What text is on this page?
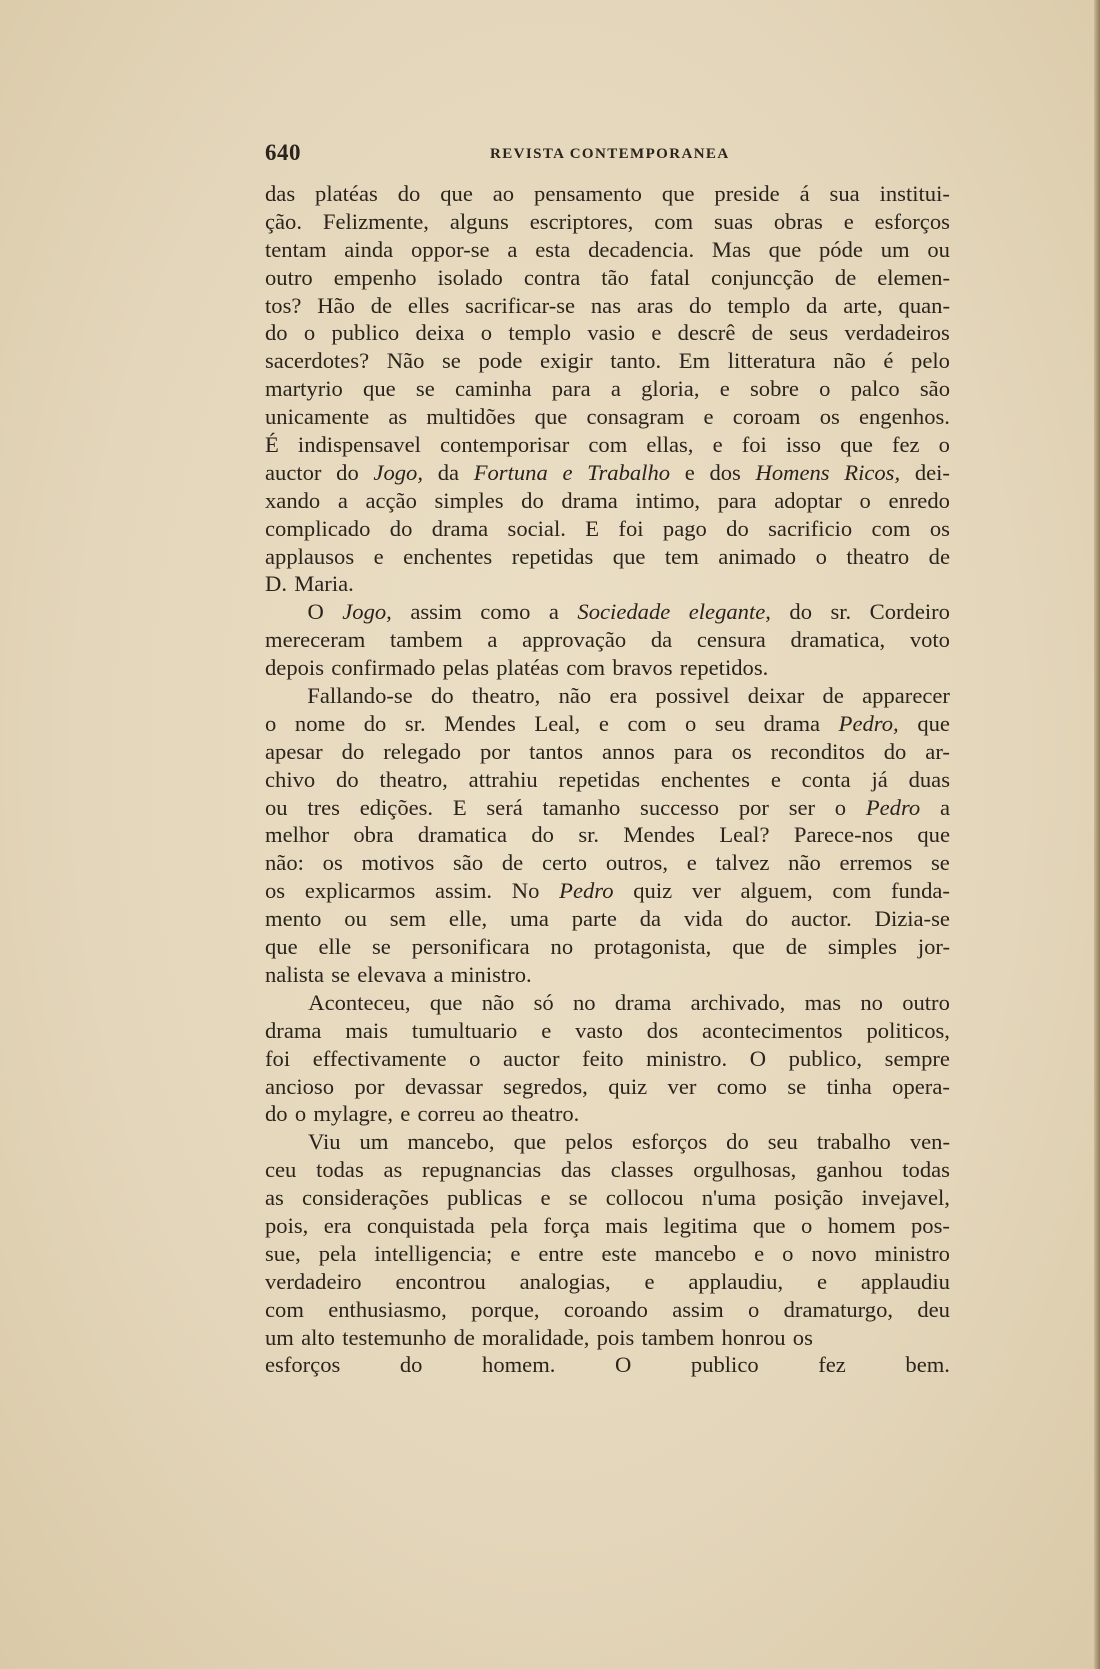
640	REVISTA CONTEMPORANEA
das platéas do que ao pensamento que preside á sua institui-
ção. Felizmente, alguns escriptores, com suas obras e esforços
tentam ainda oppor-se a esta decadencia. Mas que póde um ou
outro empenho isolado contra tão fatal conjuncção de elemen-
tos? Hão de elles sacrificar-se nas aras do templo da arte, quan-
do o publico deixa o templo vasio e descrê de seus verdadeiros
sacerdotes? Não se pode exigir tanto. Em litteratura não é pelo
martyrio que se caminha para a gloria, e sobre o palco são
unicamente as multidões que consagram e coroam os engenhos.
É indispensavel contemporisar com ellas, e foi isso que fez o
auctor do Jogo, da Fortuna e Trabalho e dos Homens Ricos, dei-
xando a acção simples do drama intimo, para adoptar o enredo
complicado do drama social. E foi pago do sacrificio com os
applausos e enchentes repetidas que tem animado o theatro de
D. Maria.
O Jogo, assim como a Sociedade elegante, do sr. Cordeiro
mereceram tambem a approvação da censura dramatica, voto
depois confirmado pelas platéas com bravos repetidos.
Fallando-se do theatro, não era possivel deixar de apparecer
o nome do sr. Mendes Leal, e com o seu drama Pedro, que
apesar do relegado por tantos annos para os reconditos do ar-
chivo do theatro, attrahiu repetidas enchentes e conta já duas
ou tres edições. E será tamanho successo por ser o Pedro a
melhor obra dramatica do sr. Mendes Leal? Parece-nos que
não: os motivos são de certo outros, e talvez não erremos se
os explicarmos assim. No Pedro quiz ver alguem, com funda-
mento ou sem elle, uma parte da vida do auctor. Dizia-se
que elle se personificara no protagonista, que de simples jor-
nalista se elevava a ministro.
Aconteceu, que não só no drama archivado, mas no outro
drama mais tumultuario e vasto dos acontecimentos politicos,
foi effectivamente o auctor feito ministro. O publico, sempre
ancioso por devassar segredos, quiz ver como se tinha opera-
do o mylagre, e correu ao theatro.
Viu um mancebo, que pelos esforços do seu trabalho ven-
ceu todas as repugnancias das classes orgulhosas, ganhou todas
as considerações publicas e se collocou n'uma posição invejavel,
pois, era conquistada pela força mais legitima que o homem pos-
sue, pela intelligencia; e entre este mancebo e o novo ministro
verdadeiro encontrou analogias, e applaudiu, e applaudiu
com enthusiasmo, porque, coroando assim o dramaturgo, deu
um alto testemunho de moralidade, pois tambem honrou os
esforços	do	homem.	O	publico	fez	bem.
